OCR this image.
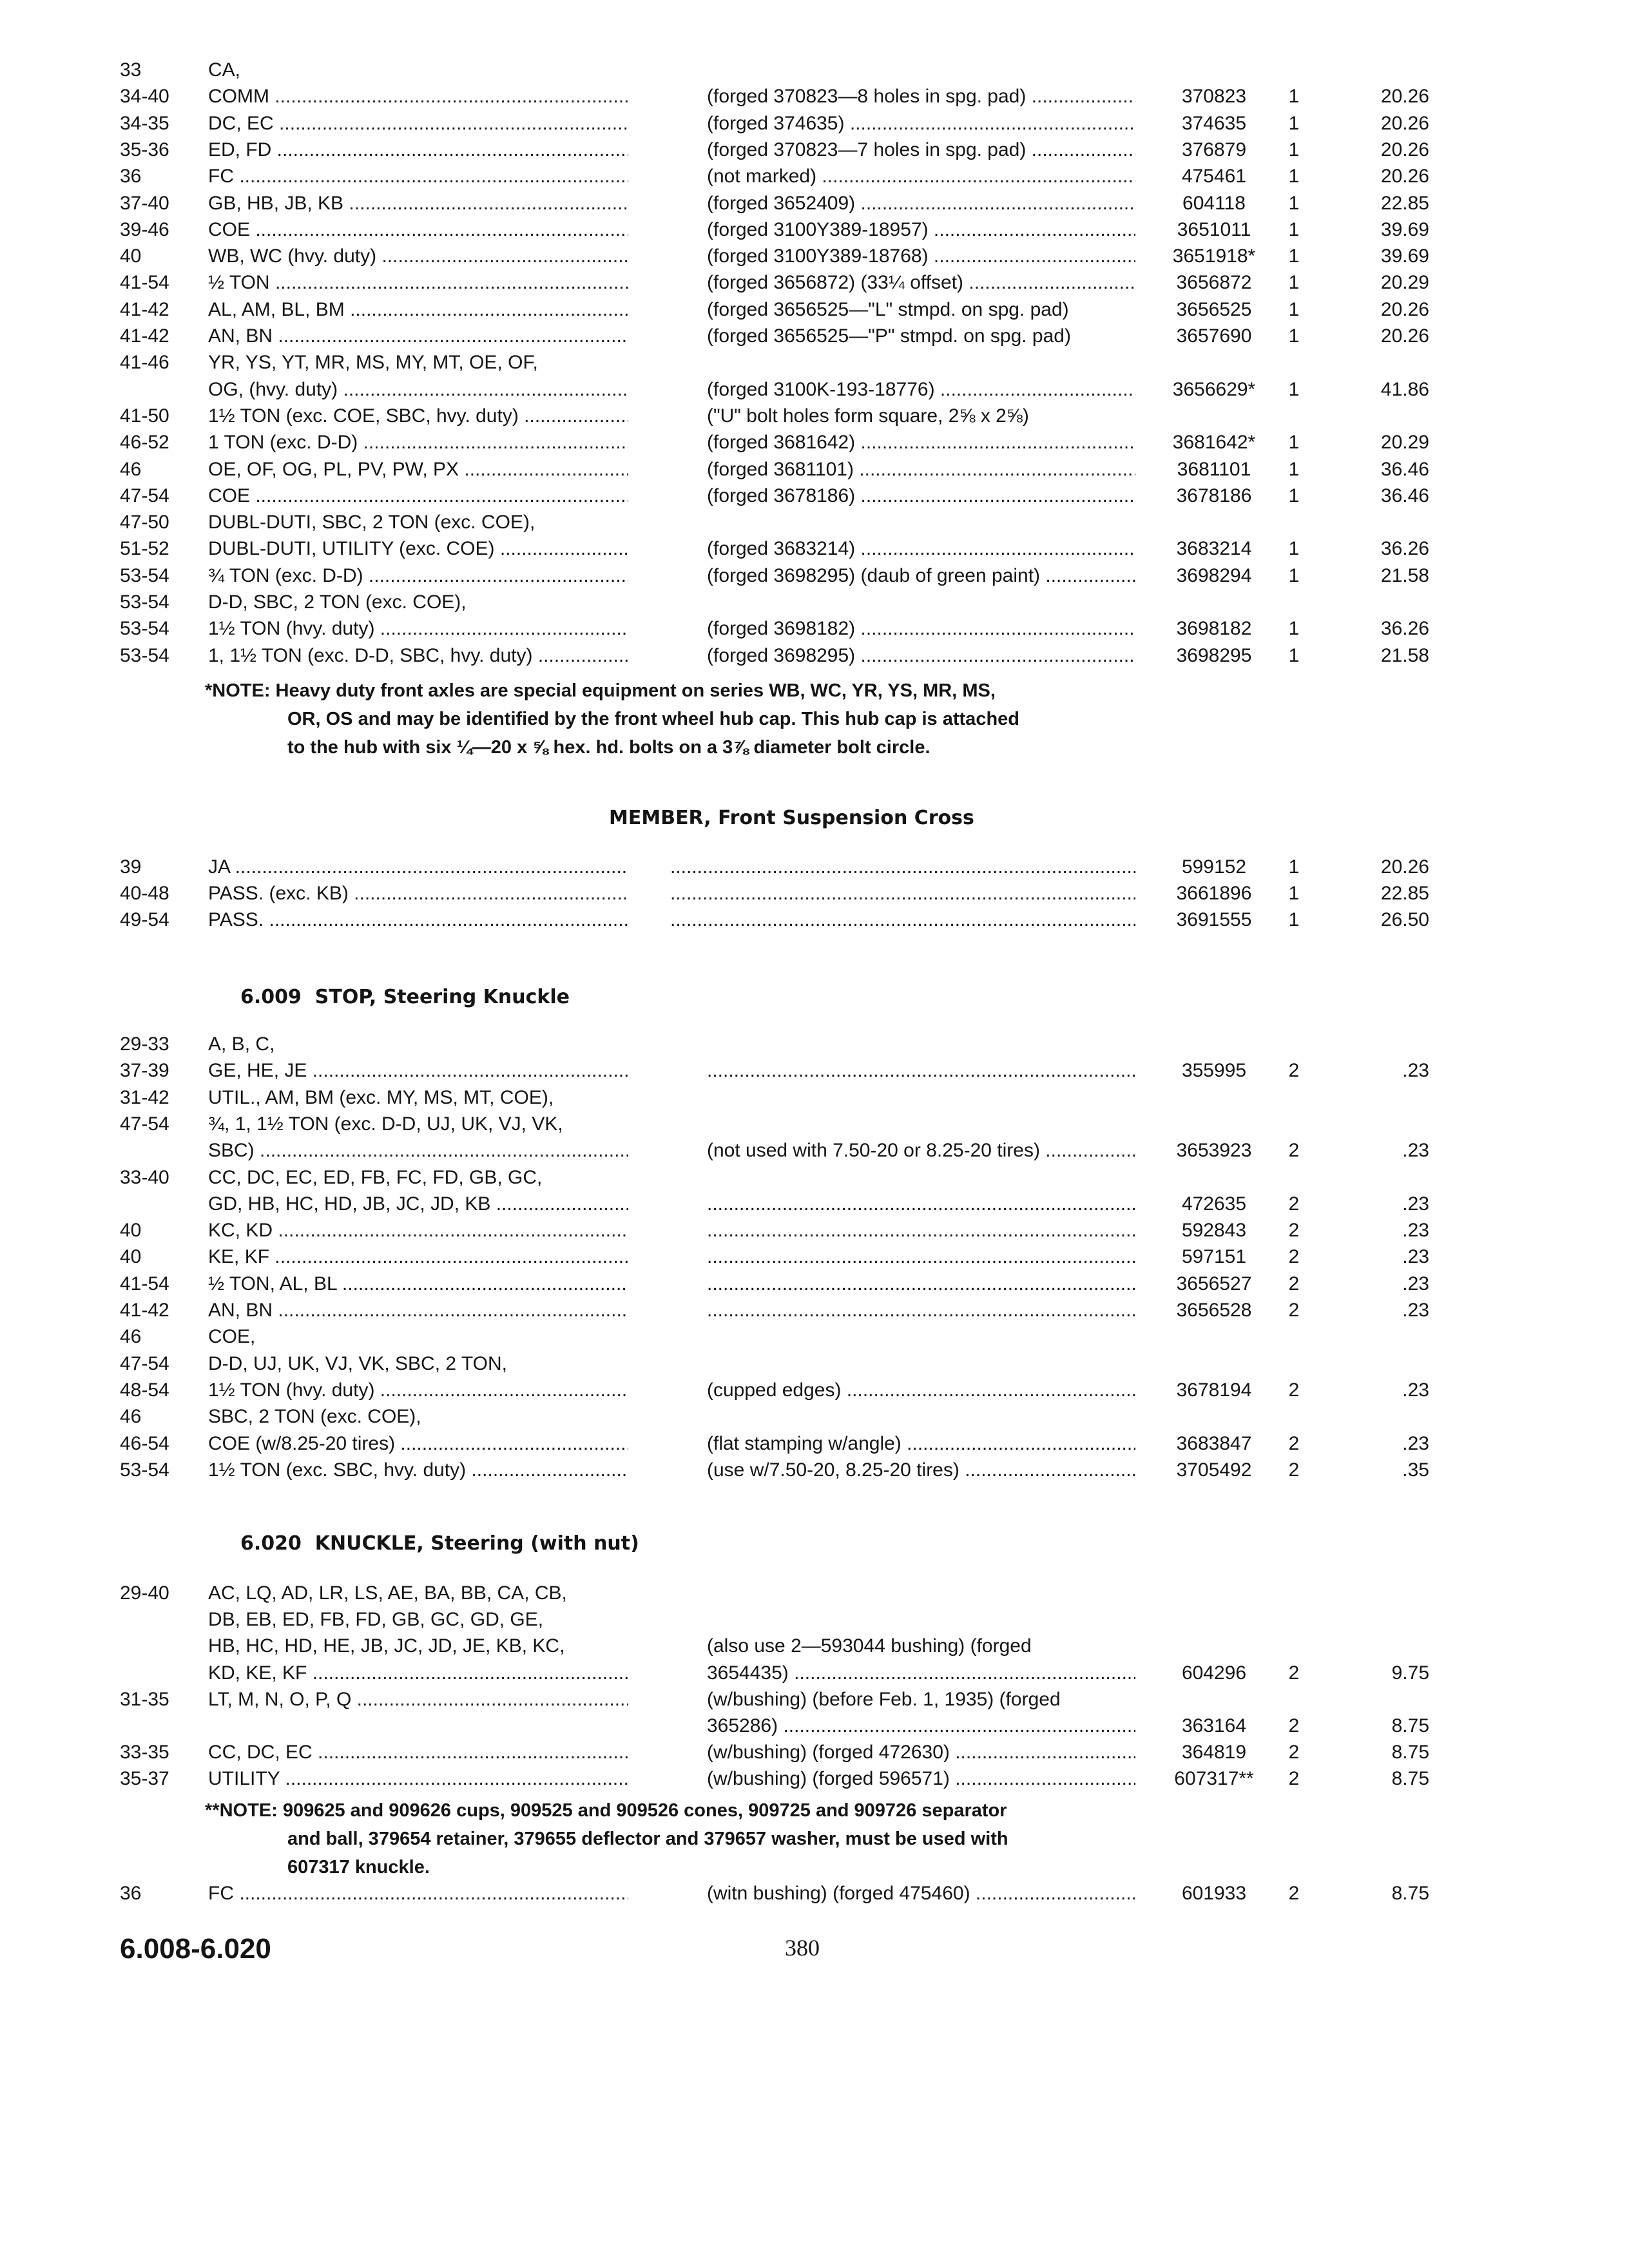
33	CA,
34-40 COMM .....	(forged 370823—8 holes in spg. pad) .....	370823	1	20.26
34-35 DC, EC .....	(forged 374635) .....	374635	1	20.26
35-36 ED, FD .....	(forged 370823—7 holes in spg. pad) .....	376879	1	20.26
36	FC .....	(not marked) .....	475461	1	20.26
37-40 GB, HB, JB, KB .....	(forged 3652409) .....	604118	1	22.85
39-46 COE .....	(forged 3100Y389-18957) .....	3651011	1	39.69
40	WB, WC (hvy. duty) .....	(forged 3100Y389-18768) .....	3651918*	1	39.69
41-54 ½ TON .....	(forged 3656872) (33¼ offset) .....	3656872	1	20.29
41-42 AL, AM, BL, BM .....	(forged 3656525—"L" stmpd. on spg. pad)	3656525	1	20.26
41-42 AN, BN .....	(forged 3656525—"P" stmpd. on spg. pad)	3657690	1	20.26
41-46 YR, YS, YT, MR, MS, MY, MT, OE, OF,
OG, (hvy. duty) .....	(forged 3100K-193-18776) .....	3656629*	1	41.86
41-50 1½ TON (exc. COE, SBC, hvy. duty) .....	("U" bolt holes form square, 2⅝ x 2⅝)
46-52 1 TON (exc. D-D) .....	(forged 3681642) .....	3681642*	1	20.29
46	OE, OF, OG, PL, PV, PW, PX .....	(forged 3681101) .....	3681101	1	36.46
47-54 COE .....	(forged 3678186) .....	3678186	1	36.46
47-50 DUBL-DUTI, SBC, 2 TON (exc. COE),
51-52 DUBL-DUTI, UTILITY (exc. COE) .....	(forged 3683214) .....	3683214	1	36.26
53-54 ¾ TON (exc. D-D) .....	(forged 3698295) (daub of green paint) .....	3698294	1	21.58
53-54 D-D, SBC, 2 TON (exc. COE),
53-54 1½ TON (hvy. duty) .....	(forged 3698182) .....	3698182	1	36.26
53-54 1, 1½ TON (exc. D-D, SBC, hvy. duty) .....	(forged 3698295) .....	3698295	1	21.58
*NOTE: Heavy duty front axles are special equipment on series WB, WC, YR, YS, MR, MS,
OR, OS and may be identified by the front wheel hub cap. This hub cap is attached
to the hub with six ¼—20 x ⅝ hex. hd. bolts on a 3⅞ diameter bolt circle.
MEMBER, Front Suspension Cross
39	JA ..... .....	599152	1	20.26
40-48 PASS. (exc. KB) ..... .....	3661896	1	22.85
49-54 PASS. ..... .....	3691555	1	26.50
6.009 STOP, Steering Knuckle
29-33 A, B, C,
37-39 GE, HE, JE ..... .....	355995	2	.23
31-42 UTIL., AM, BM (exc. MY, MS, MT, COE),
47-54 ¾, 1, 1½ TON (exc. D-D, UJ, UK, VJ, VK,
SBC) .....	(not used with 7.50-20 or 8.25-20 tires) .....	3653923	2	.23
33-40 CC, DC, EC, ED, FB, FC, FD, GB, GC,
GD, HB, HC, HD, JB, JC, JD, KB ..... .....	472635	2	.23
40	KC, KD ..... .....	592843	2	.23
40	KE, KF ..... .....	597151	2	.23
41-54 ½ TON, AL, BL ..... .....	3656527	2	.23
41-42 AN, BN ..... .....	3656528	2	.23
46	COE,
47-54 D-D, UJ, UK, VJ, VK, SBC, 2 TON,
48-54 1½ TON (hvy. duty) .....	(cupped edges) .....	3678194	2	.23
46	SBC, 2 TON (exc. COE),
46-54 COE (w/8.25-20 tires) .....	(flat stamping w/angle) .....	3683847	2	.23
53-54 1½ TON (exc. SBC, hvy. duty) .....	(use w/7.50-20, 8.25-20 tires) .....	3705492	2	.35
6.020 KNUCKLE, Steering (with nut)
29-40 AC, LQ, AD, LR, LS, AE, BA, BB, CA, CB,
DB, EB, ED, FB, FD, GB, GC, GD, GE,
HB, HC, HD, HE, JB, JC, JD, JE, KB, KC,	(also use 2—593044 bushing) (forged
KD, KE, KF .....	3654435) .....	604296	2	9.75
31-35 LT, M, N, O, P, Q .....	(w/bushing) (before Feb. 1, 1935) (forged
365286) .....	363164	2	8.75
33-35 CC, DC, EC .....	(w/bushing) (forged 472630) .....	364819	2	8.75
35-37 UTILITY .....	(w/bushing) (forged 596571) .....	607317**	2	8.75
**NOTE: 909625 and 909626 cups, 909525 and 909526 cones, 909725 and 909726 separator
and ball, 379654 retainer, 379655 deflector and 379657 washer, must be used with
607317 knuckle.
36	FC .....	(witn bushing) (forged 475460) .....	601933	2	8.75
6.008-6.020	380
